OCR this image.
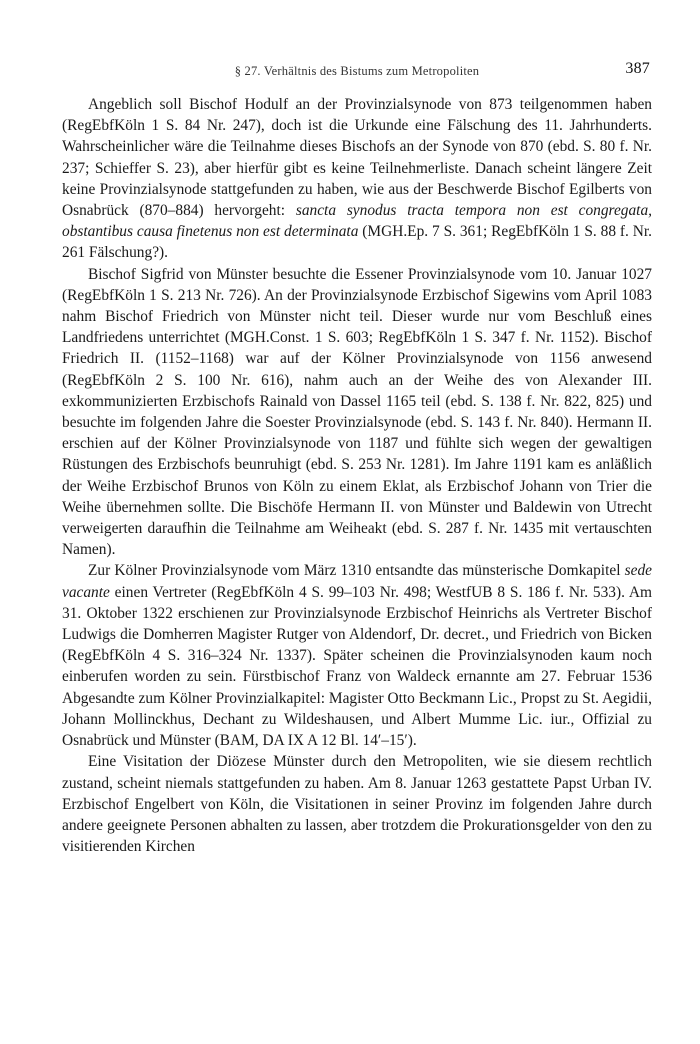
§ 27. Verhältnis des Bistums zum Metropoliten	387

Angeblich soll Bischof Hodulf an der Provinzialsynode von 873 teilgenommen haben (RegEbfKöln 1 S. 84 Nr. 247), doch ist die Urkunde eine Fälschung des 11. Jahrhunderts. Wahrscheinlicher wäre die Teilnahme dieses Bischofs an der Synode von 870 (ebd. S. 80 f. Nr. 237; Schieffer S. 23), aber hierfür gibt es keine Teilnehmerliste. Danach scheint längere Zeit keine Provinzialsynode stattgefunden zu haben, wie aus der Beschwerde Bischof Egilberts von Osnabrück (870–884) hervorgeht: sancta synodus tracta tempora non est congregata, obstantibus causa finetenus non est determinata (MGH.Ep. 7 S. 361; RegEbfKöln 1 S. 88 f. Nr. 261 Fälschung?).

Bischof Sigfrid von Münster besuchte die Essener Provinzialsynode vom 10. Januar 1027 (RegEbfKöln 1 S. 213 Nr. 726). An der Provinzialsynode Erzbischof Sigewins vom April 1083 nahm Bischof Friedrich von Münster nicht teil. Dieser wurde nur vom Beschluß eines Landfriedens unterrichtet (MGH.Const. 1 S. 603; RegEbfKöln 1 S. 347 f. Nr. 1152). Bischof Friedrich II. (1152–1168) war auf der Kölner Provinzialsynode von 1156 anwesend (RegEbfKöln 2 S. 100 Nr. 616), nahm auch an der Weihe des von Alexander III. exkommunizierten Erzbischofs Rainald von Dassel 1165 teil (ebd. S. 138 f. Nr. 822, 825) und besuchte im folgenden Jahre die Soester Provinzialsynode (ebd. S. 143 f. Nr. 840). Hermann II. erschien auf der Kölner Provinzialsynode von 1187 und fühlte sich wegen der gewaltigen Rüstungen des Erzbischofs beunruhigt (ebd. S. 253 Nr. 1281). Im Jahre 1191 kam es anläßlich der Weihe Erzbischof Brunos von Köln zu einem Eklat, als Erzbischof Johann von Trier die Weihe übernehmen sollte. Die Bischöfe Hermann II. von Münster und Baldewin von Utrecht verweigerten daraufhin die Teilnahme am Weiheakt (ebd. S. 287 f. Nr. 1435 mit vertauschten Namen).

Zur Kölner Provinzialsynode vom März 1310 entsandte das münsterische Domkapitel sede vacante einen Vertreter (RegEbfKöln 4 S. 99–103 Nr. 498; WestfUB 8 S. 186 f. Nr. 533). Am 31. Oktober 1322 erschienen zur Provinzialsynode Erzbischof Heinrichs als Vertreter Bischof Ludwigs die Domherren Magister Rutger von Aldendorf, Dr. decret., und Friedrich von Bicken (RegEbfKöln 4 S. 316–324 Nr. 1337). Später scheinen die Provinzialsynoden kaum noch einberufen worden zu sein. Fürstbischof Franz von Waldeck ernannte am 27. Februar 1536 Abgesandte zum Kölner Provinzialkapitel: Magister Otto Beckmann Lic., Propst zu St. Aegidii, Johann Mollinckhus, Dechant zu Wildeshausen, und Albert Mumme Lic. iur., Offizial zu Osnabrück und Münster (BAM, DA IX A 12 Bl. 14′–15′).

Eine Visitation der Diözese Münster durch den Metropoliten, wie sie diesem rechtlich zustand, scheint niemals stattgefunden zu haben. Am 8. Januar 1263 gestattete Papst Urban IV. Erzbischof Engelbert von Köln, die Visitationen in seiner Provinz im folgenden Jahre durch andere geeignete Personen abhalten zu lassen, aber trotzdem die Prokurationsgelder von den zu visitierenden Kirchen
